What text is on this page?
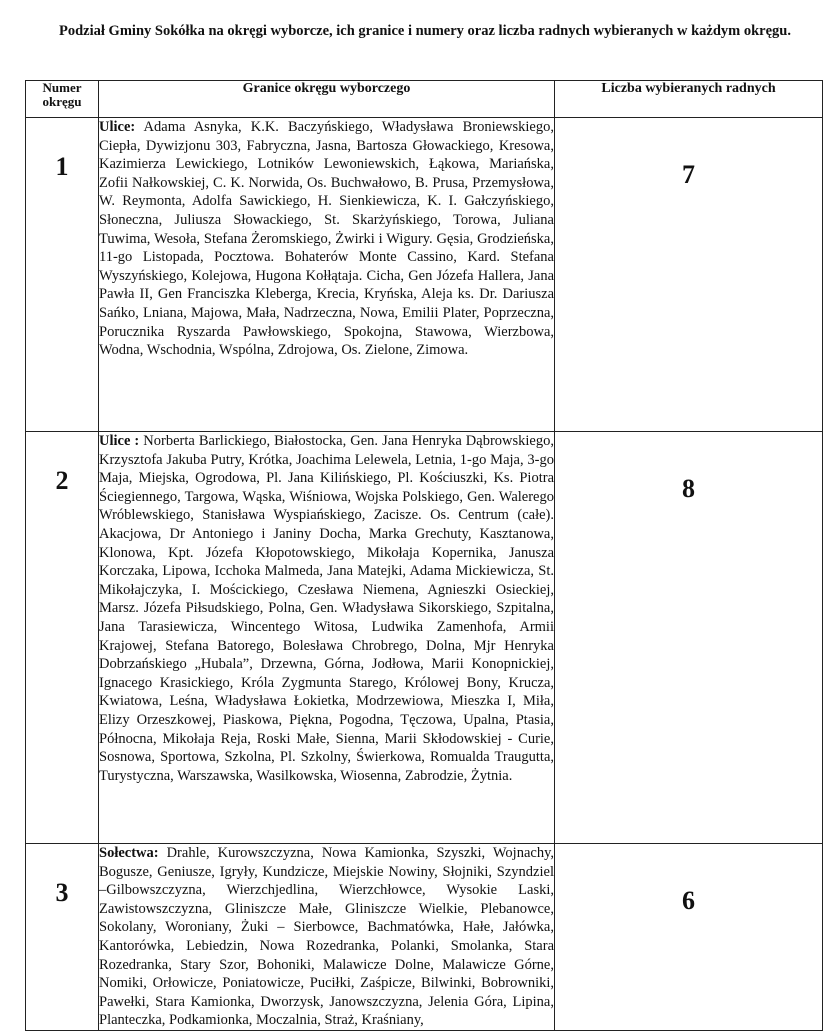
Podział Gminy Sokółka na okręgi wyborcze, ich granice i numery oraz liczba radnych wybieranych w każdym okręgu.
Numer okręgu	Granice okręgu wyborczego	Liczba wybieranych radnych

1	Ulice: Adama Asnyka, K.K. Baczyńskiego, Władysława Broniewskiego, Ciepła, Dywizjonu 303, Fabryczna, Jasna, Bartosza Głowackiego, Kresowa, Kazimierza Lewickiego, Lotników Lewoniewskich, Łąkowa, Mariańska, Zofii Nałkowskiej, C. K. Norwida, Os. Buchwałowo, B. Prusa, Przemysłowa, W. Reymonta, Adolfa Sawickiego, H. Sienkiewicza, K. I. Gałczyńskiego, Słoneczna, Juliusza Słowackiego, St. Skarżyńskiego, Torowa, Juliana Tuwima, Wesoła, Stefana Żeromskiego, Żwirki i Wigury. Gęsia, Grodzieńska, 11-go Listopada, Pocztowa. Bohaterów Monte Cassino, Kard. Stefana Wyszyńskiego, Kolejowa, Hugona Kołłątaja. Cicha, Gen Józefa Hallera, Jana Pawła II, Gen Franciszka Kleberga, Krecia, Kryńska, Aleja ks. Dr. Dariusza Sańko, Lniana, Majowa, Mała, Nadrzeczna, Nowa, Emilii Plater, Poprzeczna, Porucznika Ryszarda Pawłowskiego, Spokojna, Stawowa, Wierzbowa, Wodna, Wschodnia, Wspólna, Zdrojowa, Os. Zielone, Zimowa.	7

2	Ulice : Norberta Barlickiego, Białostocka, Gen. Jana Henryka Dąbrowskiego, Krzysztofa Jakuba Putry, Krótka, Joachima Lelewela, Letnia, 1-go Maja, 3-go Maja, Miejska, Ogrodowa, Pl. Jana Kilińskiego, Pl. Kościuszki, Ks. Piotra Ściegiennego, Targowa, Wąska, Wiśniowa, Wojska Polskiego, Gen. Walerego Wróblewskiego, Stanisława Wyspiańskiego, Zacisze. Os. Centrum (całe). Akacjowa, Dr Antoniego i Janiny Docha, Marka Grechuty, Kasztanowa, Klonowa, Kpt. Józefa Kłopotowskiego, Mikołaja Kopernika, Janusza Korczaka, Lipowa, Icchoka Malmeda, Jana Matejki, Adama Mickiewicza, St. Mikołajczyka, I. Mościckiego, Czesława Niemena, Agnieszki Osieckiej, Marsz. Józefa Piłsudskiego, Polna, Gen. Władysława Sikorskiego, Szpitalna, Jana Tarasiewicza, Wincentego Witosa, Ludwika Zamenhofa, Armii Krajowej, Stefana Batorego, Bolesława Chrobrego, Dolna, Mjr Henryka Dobrzańskiego „Hubala”, Drzewna, Górna, Jodłowa, Marii Konopnickiej, Ignacego Krasickiego, Króla Zygmunta Starego, Królowej Bony, Krucza, Kwiatowa, Leśna, Władysława Łokietka, Modrzewiowa, Mieszka I, Miła, Elizy Orzeszkowej, Piaskowa, Piękna, Pogodna, Tęczowa, Upalna, Ptasia, Północna, Mikołaja Reja, Roski Małe, Sienna, Marii Skłodowskiej - Curie, Sosnowa, Sportowa, Szkolna, Pl. Szkolny, Świerkowa, Romualda Traugutta, Turystyczna, Warszawska, Wasilkowska, Wiosenna, Zabrodzie, Żytnia.	8

3	Sołectwa: Drahle, Kurowszczyzna, Nowa Kamionka, Szyszki, Wojnachy, Bogusze, Geniusze, Igryły, Kundzicze, Miejskie Nowiny, Słojniki, Szyndziel –Gilbowszczyzna, Wierzchjedlina, Wierzchłowce, Wysokie Laski, Zawistowszczyzna, Gliniszcze Małe, Gliniszcze Wielkie, Plebanowce, Sokolany, Woroniany, Żuki – Sierbowce, Bachmatówka, Hałe, Jałówka, Kantorówka, Lebiedzin, Nowa Rozedranka, Polanki, Smolanka, Stara Rozedranka, Stary Szor, Bohoniki, Malawicze Dolne, Malawicze Górne, Nomiki, Orłowicze, Poniatowicze, Puciłki, Zaśpicze, Bilwinki, Bobrowniki, Pawełki, Stara Kamionka, Dworzysk, Janowszczyzna, Jelenia Góra, Lipina, Planteczka, Podkamionka, Moczalnia, Straż, Kraśniany,	6
